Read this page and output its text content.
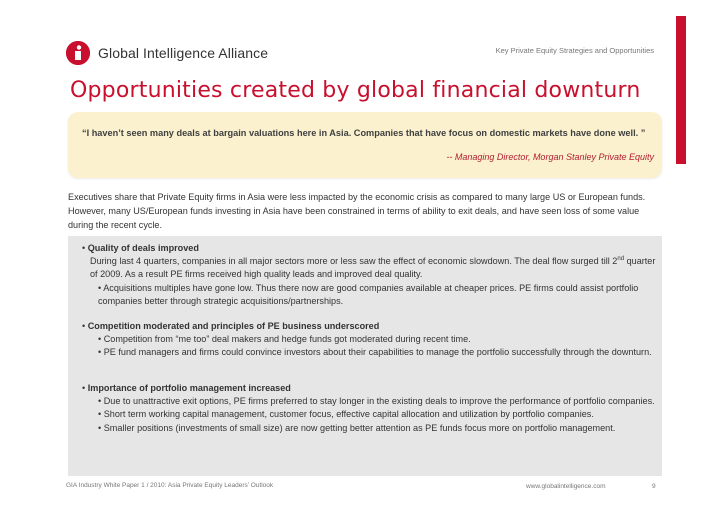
Global Intelligence Alliance	Key Private Equity Strategies and Opportunities
Opportunities created by global financial downturn
“I haven’t seen many deals at bargain valuations here in Asia. Companies that have focus on domestic markets have done well. ”
-- Managing Director, Morgan Stanley Private Equity
Executives share that Private Equity firms in Asia were less impacted by the economic crisis as compared to many large US or European funds. However, many US/European funds investing in Asia have been constrained in terms of ability to exit deals, and have seen loss of some value during the recent cycle.
• Quality of deals improved
During last 4 quarters, companies in all major sectors more or less saw the effect of economic slowdown. The deal flow surged till 2nd quarter of 2009. As a result PE firms received high quality leads and improved deal quality.
• Acquisitions multiples have gone low. Thus there now are good companies available at cheaper prices. PE firms could assist portfolio companies better through strategic acquisitions/partnerships.
• Competition moderated and principles of PE business underscored
• Competition from “me too” deal makers and hedge funds got moderated during recent time.
• PE fund managers and firms could convince investors about their capabilities to manage the portfolio successfully through the downturn.
• Importance of portfolio management increased
• Due to unattractive exit options, PE firms preferred to stay longer in the existing deals to improve the performance of portfolio companies.
• Short term working capital management, customer focus, effective capital allocation and utilization by portfolio companies.
• Smaller positions (investments of small size) are now getting better attention as PE funds focus more on portfolio management.
GIA Industry White Paper 1 / 2010: Asia Private Equity Leaders’ Outlook	www.globalintelligence.com	9
